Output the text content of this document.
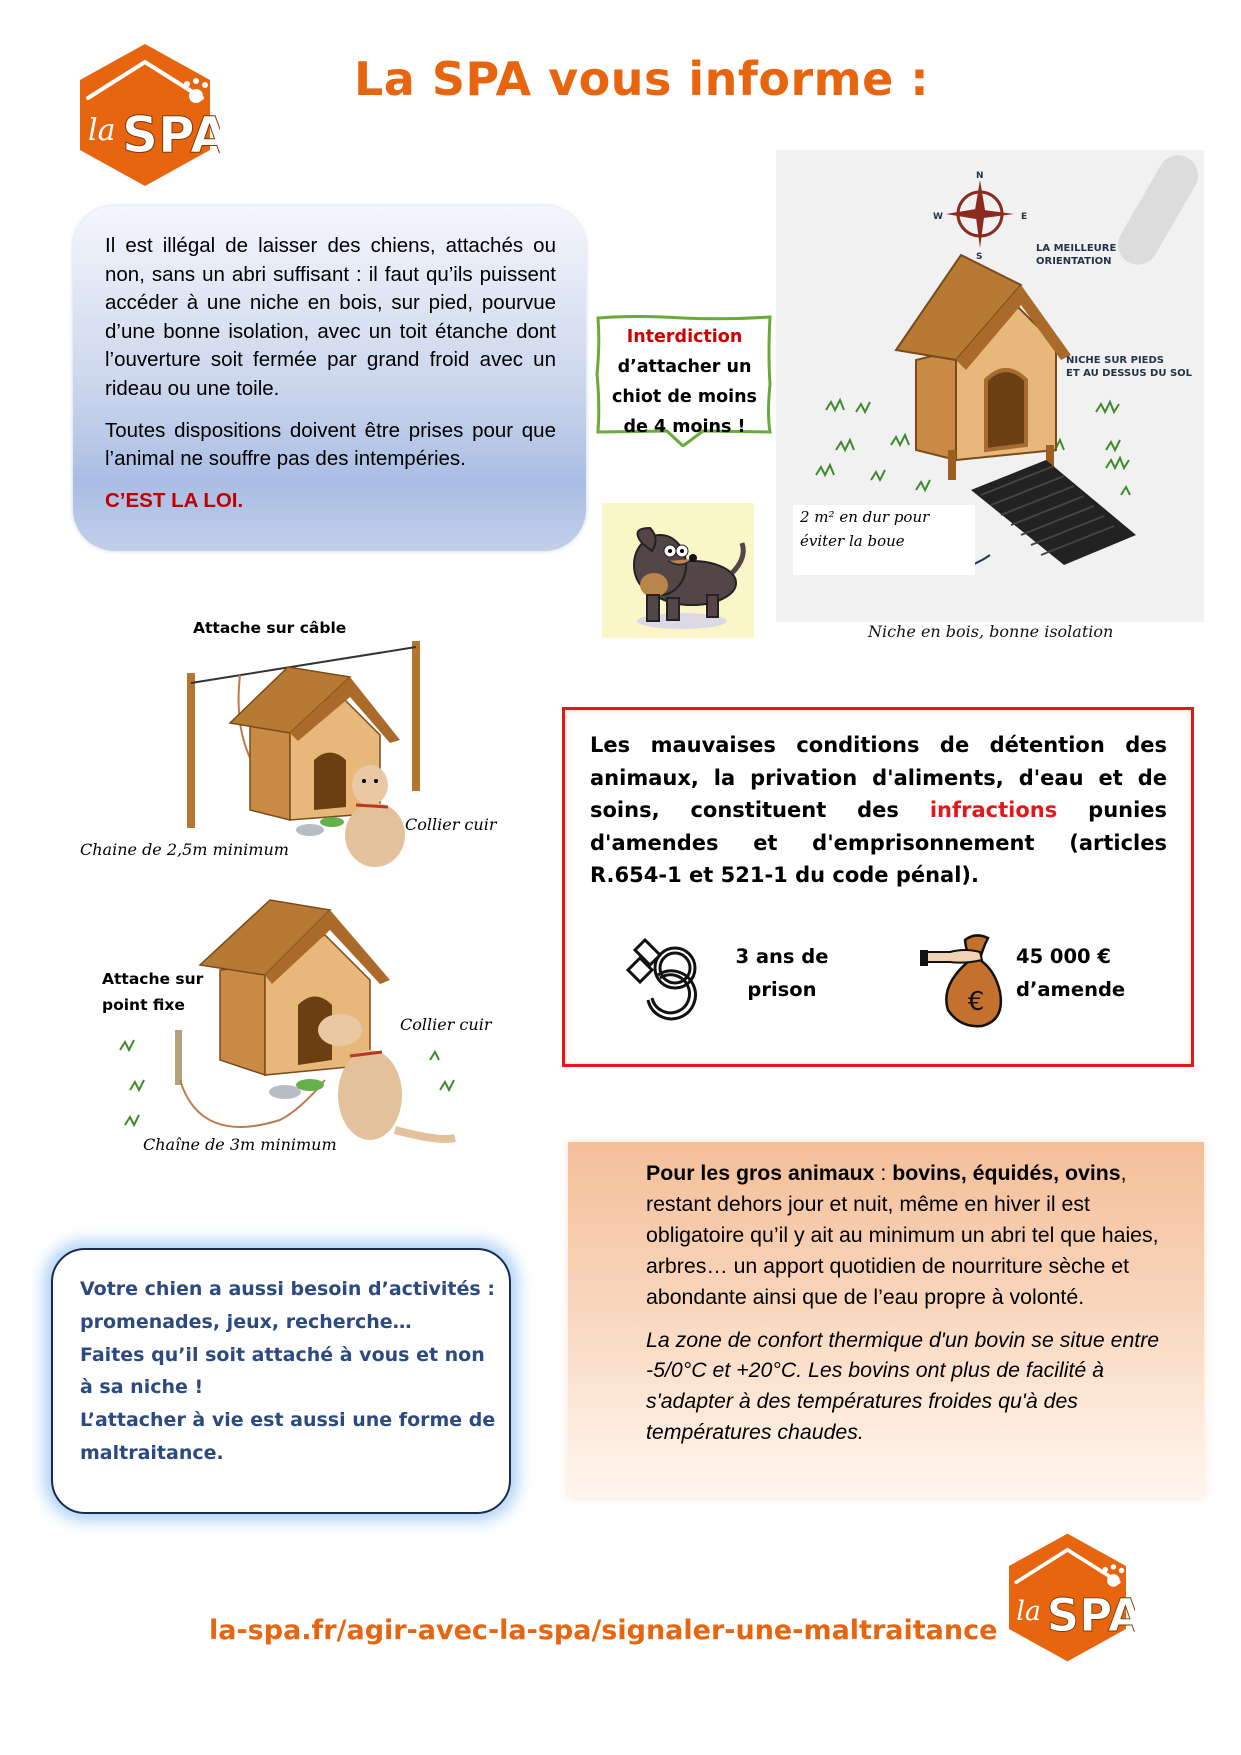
la SPA
La SPA vous informe :

Il est illégal de laisser des chiens, attachés ou non, sans un abri suffisant : il faut qu’ils puissent accéder à une niche en bois, sur pied, pourvue d’une bonne isolation, avec un toit étanche dont l’ouverture soit fermée par grand froid avec un rideau ou une toile.

Toutes dispositions doivent être prises pour que l’animal ne souffre pas des intempéries.

C’EST LA LOI.

Interdiction
d’attacher un
chiot de moins
de 4 moins !
N
E
S
W
LA MEILLEURE
ORIENTATION
NICHE SUR PIEDS
ET AU DESSUS DU SOL
2 m² en dur pour
éviter la boue
Niche en bois, bonne isolation
Attache sur câble
Collier cuir
Chaine de 2,5m minimum
Attache sur
point fixe
Collier cuir
Chaîne de 3m minimum
Les mauvaises conditions de détention des animaux, la privation d'aliments, d'eau et de soins, constituent des infractions punies d'amendes et d'emprisonnement (articles R.654-1 et 521-1 du code pénal).
3 ans de
prison	€
45 000 €
d’amende
Votre chien a aussi besoin d’activités :
promenades, jeux, recherche…
Faites qu’il soit attaché à vous et non
à sa niche !
L’attacher à vie est aussi une forme de
maltraitance.

Pour les gros animaux : bovins, équidés, ovins, restant dehors jour et nuit, même en hiver il est obligatoire qu’il y ait au minimum un abri tel que haies, arbres… un apport quotidien de nourriture sèche et abondante ainsi que de l’eau propre à volonté.

La zone de confort thermique d'un bovin se situe entre -5/0°C et +20°C. Les bovins ont plus de facilité à s'adapter à des températures froides qu'à des températures chaudes.

la-spa.fr/agir-avec-la-spa/signaler-une-maltraitance
la SPA
